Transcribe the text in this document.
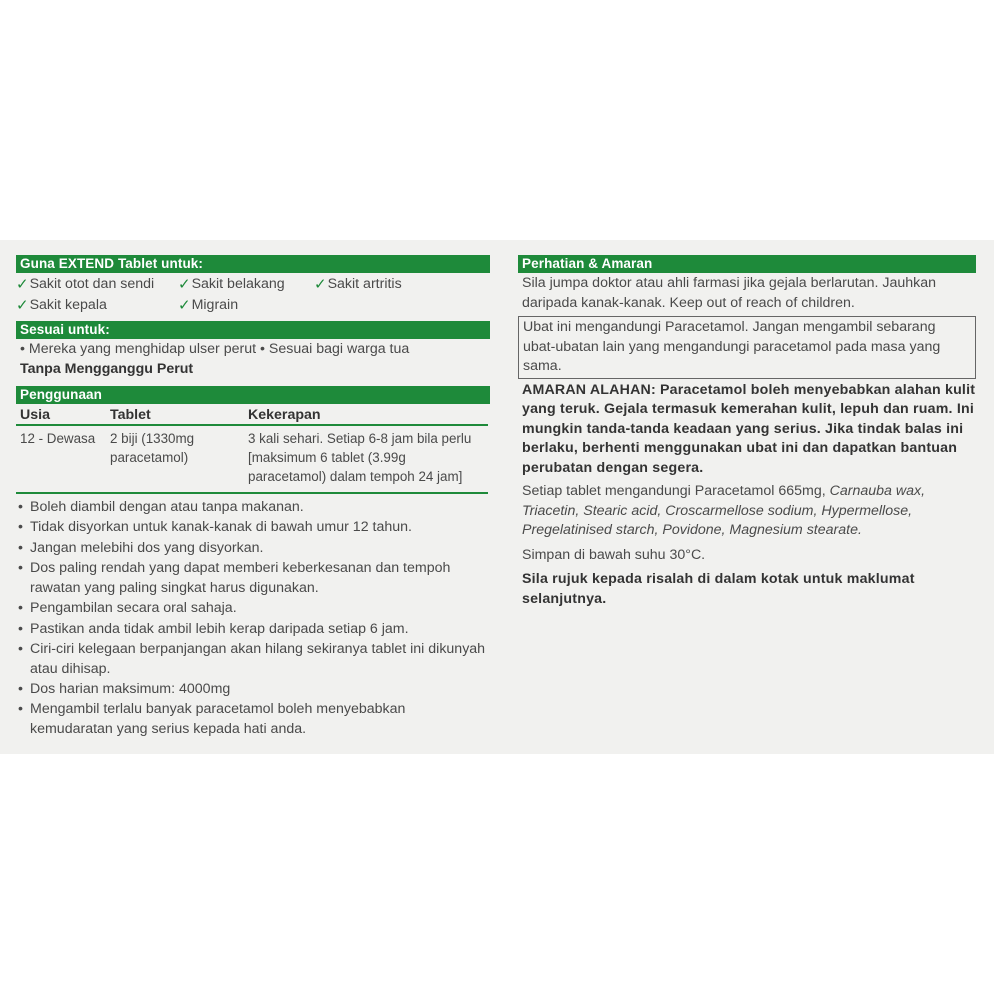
Guna EXTEND Tablet untuk:
✓ Sakit otot dan sendi ✓ Sakit belakang ✓ Sakit artritis
✓ Sakit kepala	✓ Migrain
Sesuai untuk:
• Mereka yang menghidap ulser perut • Sesuai bagi warga tua
Tanpa Mengganggu Perut
Penggunaan
Usia	Tablet	Kekerapan
12 - Dewasa	2 biji (1330mg paracetamol)	3 kali sehari. Setiap 6-8 jam bila perlu [maksimum 6 tablet (3.99g paracetamol) dalam tempoh 24 jam]
• Boleh diambil dengan atau tanpa makanan.
• Tidak disyorkan untuk kanak-kanak di bawah umur 12 tahun.
• Jangan melebihi dos yang disyorkan.
• Dos paling rendah yang dapat memberi keberkesanan dan tempoh rawatan yang paling singkat harus digunakan.
• Pengambilan secara oral sahaja.
• Pastikan anda tidak ambil lebih kerap daripada setiap 6 jam.
• Ciri-ciri kelegaan berpanjangan akan hilang sekiranya tablet ini dikunyah atau dihisap.
• Dos harian maksimum: 4000mg
• Mengambil terlalu banyak paracetamol boleh menyebabkan kemudaratan yang serius kepada hati anda.
Perhatian & Amaran
Sila jumpa doktor atau ahli farmasi jika gejala berlarutan. Jauhkan daripada kanak-kanak. Keep out of reach of children.
Ubat ini mengandungi Paracetamol. Jangan mengambil sebarang ubat-ubatan lain yang mengandungi paracetamol pada masa yang sama.
AMARAN ALAHAN: Paracetamol boleh menyebabkan alahan kulit yang teruk. Gejala termasuk kemerahan kulit, lepuh dan ruam. Ini mungkin tanda-tanda keadaan yang serius. Jika tindak balas ini berlaku, berhenti menggunakan ubat ini dan dapatkan bantuan perubatan dengan segera.
Setiap tablet mengandungi Paracetamol 665mg, Carnauba wax, Triacetin, Stearic acid, Croscarmellose sodium, Hypermellose, Pregelatinised starch, Povidone, Magnesium stearate.
Simpan di bawah suhu 30°C.
Sila rujuk kepada risalah di dalam kotak untuk maklumat selanjutnya.
